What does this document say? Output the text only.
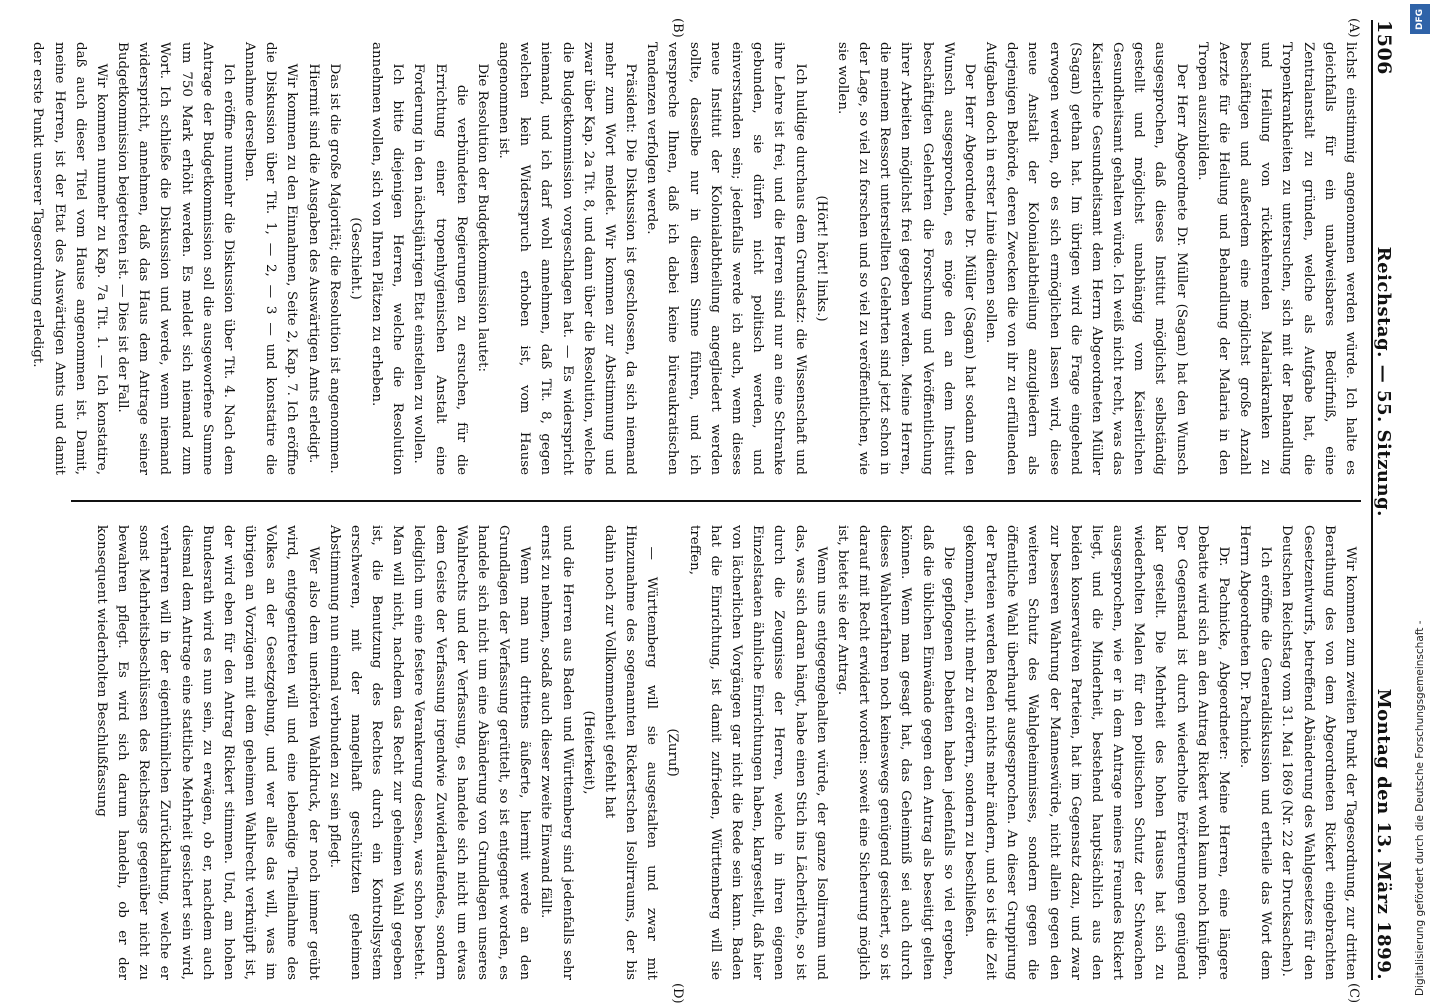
1506
Reichstag. — 55. Sitzung.
Montag den 13. März 1899.
(A)
(B)
(C)
(D)

lichst einstimmig angenommen werden würde. Ich halte es gleichfalls für ein unabweisbares Bedürfniß, eine Zentralanstalt zu gründen, welche als Aufgabe hat, die Tropenkrankheiten zu untersuchen, sich mit der Behandlung und Heilung von rückkehrenden Malariakranken zu beschäftigen und außerdem eine möglichst große Anzahl Aerzte für die Heilung und Behandlung der Malaria in den Tropen auszubilden.

Der Herr Abgeordnete Dr. Müller (Sagan) hat den Wunsch ausgesprochen, daß dieses Institut möglichst selbständig gestellt und möglichst unabhängig vom Kaiserlichen Gesundheitsamt gehalten würde. Ich weiß nicht recht, was das Kaiserliche Gesundheitsamt dem Herrn Abgeordneten Müller (Sagan) gethan hat. Im übrigen wird die Frage eingehend erwogen werden, ob es sich ermöglichen lassen wird, diese neue Anstalt der Kolonialabtheilung anzugliedern als derjenigen Behörde, deren Zwecken die von ihr zu erfüllenden Aufgaben doch in erster Linie dienen sollen.

Der Herr Abgeordnete Dr. Müller (Sagan) hat sodann den Wunsch ausgesprochen, es möge den an dem Institut beschäftigten Gelehrten die Forschung und Veröffentlichung ihrer Arbeiten möglichst frei gegeben werden. Meine Herren, die meinem Ressort unterstellten Gelehrten sind jetzt schon in der Lage, so viel zu forschen und so viel zu veröffentlichen, wie sie wollen.

(Hört! hört! links.)

Ich huldige durchaus dem Grundsatz: die Wissenschaft und ihre Lehre ist frei, und die Herren sind nur an eine Schranke gebunden, sie dürfen nicht politisch werden, und einverstanden sein; jedenfalls werde ich auch, wenn dieses neue Institut der Kolonialabtheilung angegliedert werden sollte, dasselbe nur in diesem Sinne führen, und ich verspreche Ihnen, daß ich dabei keine büreaukratischen Tendenzen verfolgen werde.

Präsident: Die Diskussion ist geschlossen, da sich niemand mehr zum Wort meldet. Wir kommen zur Abstimmung und zwar über Kap. 2a Tit. 8, und dann über die Resolution, welche die Budgetkommission vorgeschlagen hat. — Es widerspricht niemand, und ich darf wohl annehmen, daß Tit. 8, gegen welchen kein Widerspruch erhoben ist, vom Hause angenommen ist.

Die Resolution der Budgetkommission lautet:

die verbündeten Regierungen zu ersuchen, für die Errichtung einer tropenhygienischen Anstalt eine Forderung in den nächstjährigen Etat einstellen zu wollen.

Ich bitte diejenigen Herren, welche die Resolution annehmen wollen, sich von Ihren Plätzen zu erheben.

(Geschieht.)

Das ist die große Majorität; die Resolution ist angenommen.

Hiermit sind die Ausgaben des Auswärtigen Amts erledigt.

Wir kommen zu den Einnahmen, Seite 2, Kap. 7. Ich eröffne die Diskussion über Tit. 1, — 2, — 3 — und konstatire die Annahme derselben.

Ich eröffne nunmehr die Diskussion über Tit. 4. Nach dem Antrage der Budgetkommission soll die ausgeworfene Summe um 750 Mark erhöht werden. Es meldet sich niemand zum Wort. Ich schließe die Diskussion und werde, wenn niemand widerspricht, annehmen, daß das Haus dem Antrage seiner Budgetkommission beigetreten ist. — Dies ist der Fall.

Wir kommen nunmehr zu Kap. 7a Tit. 1. — Ich konstatire, daß auch dieser Titel vom Hause angenommen ist. Damit, meine Herren, ist der Etat des Auswärtigen Amts und damit der erste Punkt unserer Tagesordnung erledigt.

Wir kommen zum zweiten Punkt der Tagesordnung, zur dritten Berathung des von dem Abgeordneten Rickert eingebrachten Gesetzentwurfs, betreffend Abänderung des Wahlgesetzes für den Deutschen Reichstag vom 31. Mai 1869 (Nr. 22 der Drucksachen).

Ich eröffne die Generaldiskussion und ertheile das Wort dem Herrn Abgeordneten Dr. Pachnicke.

Dr. Pachnicke, Abgeordneter: Meine Herren, eine längere Debatte wird sich an den Antrag Rickert wohl kaum noch knüpfen. Der Gegenstand ist durch wiederholte Erörterungen genügend klar gestellt. Die Mehrheit des hohen Hauses hat sich zu wiederholten Malen für den politischen Schutz der Schwachen ausgesprochen, wie er in dem Antrage meines Freundes Rickert liegt, und die Minderheit, bestehend hauptsächlich aus den beiden konservativen Parteien, hat im Gegensatz dazu, und zwar zur besseren Wahrung der Manneswürde, nicht allein gegen den weiteren Schutz des Wahlgeheimnisses, sondern gegen die öffentliche Wahl überhaupt ausgesprochen. An dieser Gruppirung der Parteien werden Reden nichts mehr ändern, und so ist die Zeit gekommen, nicht mehr zu erörtern, sondern zu beschließen.

Die gepflogenen Debatten haben jedenfalls so viel ergeben, daß die üblichen Einwände gegen den Antrag als beseitigt gelten können. Wenn man gesagt hat, das Geheimniß sei auch durch dieses Wahlverfahren noch keineswegs genügend gesichert, so ist darauf mit Recht erwidert worden: soweit eine Sicherung möglich ist, bietet sie der Antrag.

Wenn uns entgegengehalten würde, der ganze Isolirraum und das, was sich daran hängt, habe einen Stich ins Lächerliche, so ist durch die Zeugnisse der Herren, welche in ihren eigenen Einzelstaaten ähnliche Einrichtungen haben, klargestellt, daß hier von lächerlichen Vorgängen gar nicht die Rede sein kann. Baden hat die Einrichtung, ist damit zufrieden, Württemberg will sie treffen,

(Zuruf)

— Württemberg will sie ausgestalten und zwar mit Hinzunahme des sogenannten Rickertschen Isolirraums, der bis dahin noch zur Vollkommenheit gefehlt hat

(Heiterkeit),

und die Herren aus Baden und Württemberg sind jedenfalls sehr ernst zu nehmen, sodaß auch dieser zweite Einwand fällt.

Wenn man nun drittens äußerte, hiermit werde an den Grundlagen der Verfassung gerüttelt, so ist entgegnet worden, es handele sich nicht um eine Abänderung von Grundlagen unseres Wahlrechts und der Verfassung, es handele sich nicht um etwas dem Geiste der Verfassung irgendwie Zuwiderlaufendes, sondern lediglich um eine festere Verankerung dessen, was schon besteht. Man will nicht, nachdem das Recht zur geheimen Wahl gegeben ist, die Benutzung des Rechtes durch ein Kontrollsystem erschweren, mit der mangelhaft geschützten geheimen Abstimmung nun einmal verbunden zu sein pflegt.

Wer also dem unerhörten Wahldruck, der noch immer geübt wird, entgegentreten will und eine lebendige Theilnahme des Volkes an der Gesetzgebung, und wer alles das will, was im übrigen an Vorzügen mit dem geheimen Wahlrecht verknüpft ist, der wird eben für den Antrag Rickert stimmen. Und, am hohen Bundesrath wird es nun sein, zu erwägen, ob er, nachdem auch diesmal dem Antrage eine stattliche Mehrheit gesichert sein wird, verharren will in der eigenthümlichen Zurückhaltung, welche er sonst Mehrheitsbeschlüssen des Reichstags gegenüber nicht zu bewahren pflegt. Es wird sich darum handeln, ob er der konsequent wiederholten Beschlußfassung

DFG
Digitalisierung gefördert durch die Deutsche Forschungsgemeinschaft -
